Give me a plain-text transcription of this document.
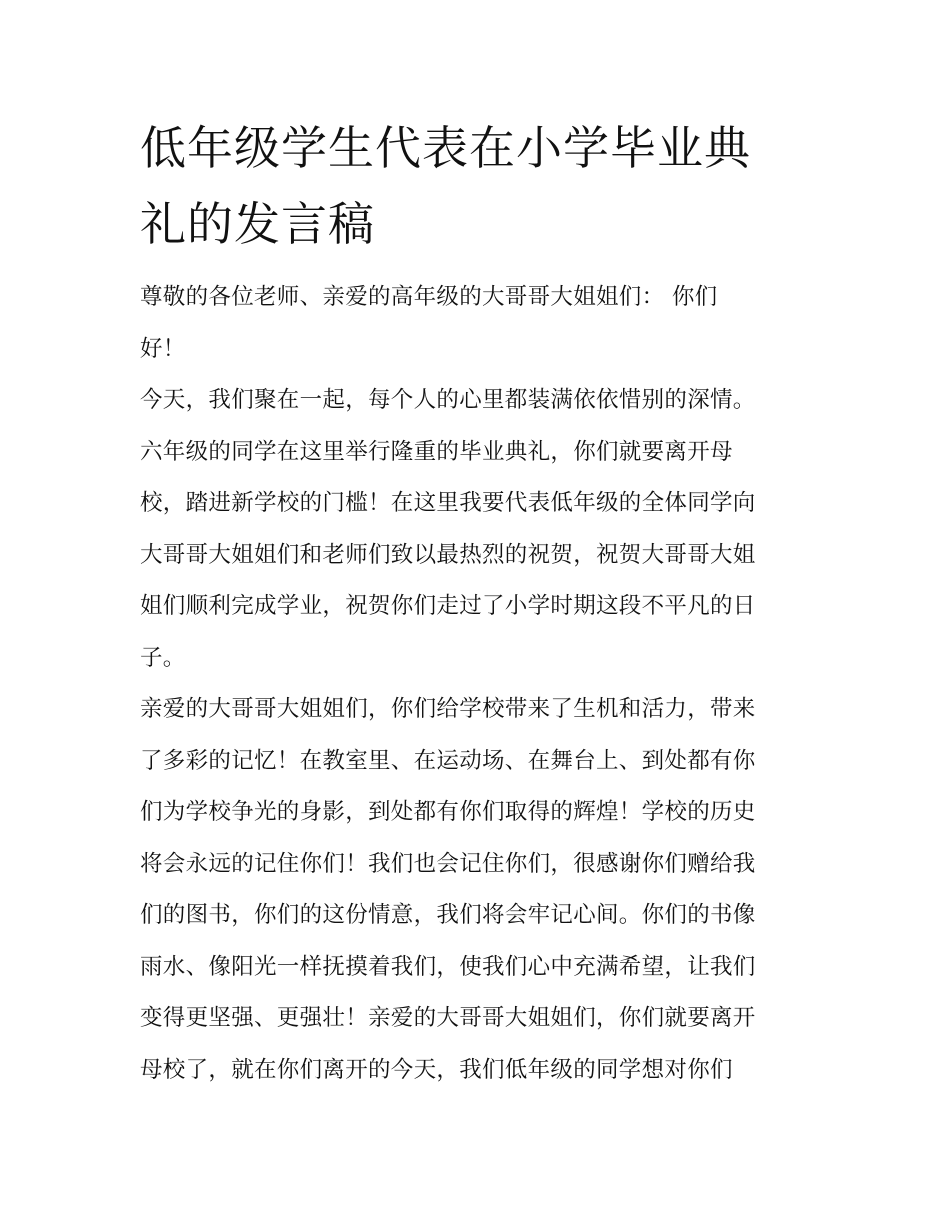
低年级学生代表在小学毕业典
礼的发言稿
尊敬的各位老师、亲爱的高年级的大哥哥大姐姐们： 你们
好！
今天，我们聚在一起，每个人的心里都装满依依惜别的深情。
六年级的同学在这里举行隆重的毕业典礼，你们就要离开母
校，踏进新学校的门槛！在这里我要代表低年级的全体同学向
大哥哥大姐姐们和老师们致以最热烈的祝贺，祝贺大哥哥大姐
姐们顺利完成学业，祝贺你们走过了小学时期这段不平凡的日
子。
亲爱的大哥哥大姐姐们，你们给学校带来了生机和活力，带来
了多彩的记忆！在教室里、在运动场、在舞台上、到处都有你
们为学校争光的身影，到处都有你们取得的辉煌！学校的历史
将会永远的记住你们！我们也会记住你们，很感谢你们赠给我
们的图书，你们的这份情意，我们将会牢记心间。你们的书像
雨水、像阳光一样抚摸着我们，使我们心中充满希望，让我们
变得更坚强、更强壮！亲爱的大哥哥大姐姐们，你们就要离开
母校了，就在你们离开的今天，我们低年级的同学想对你们
